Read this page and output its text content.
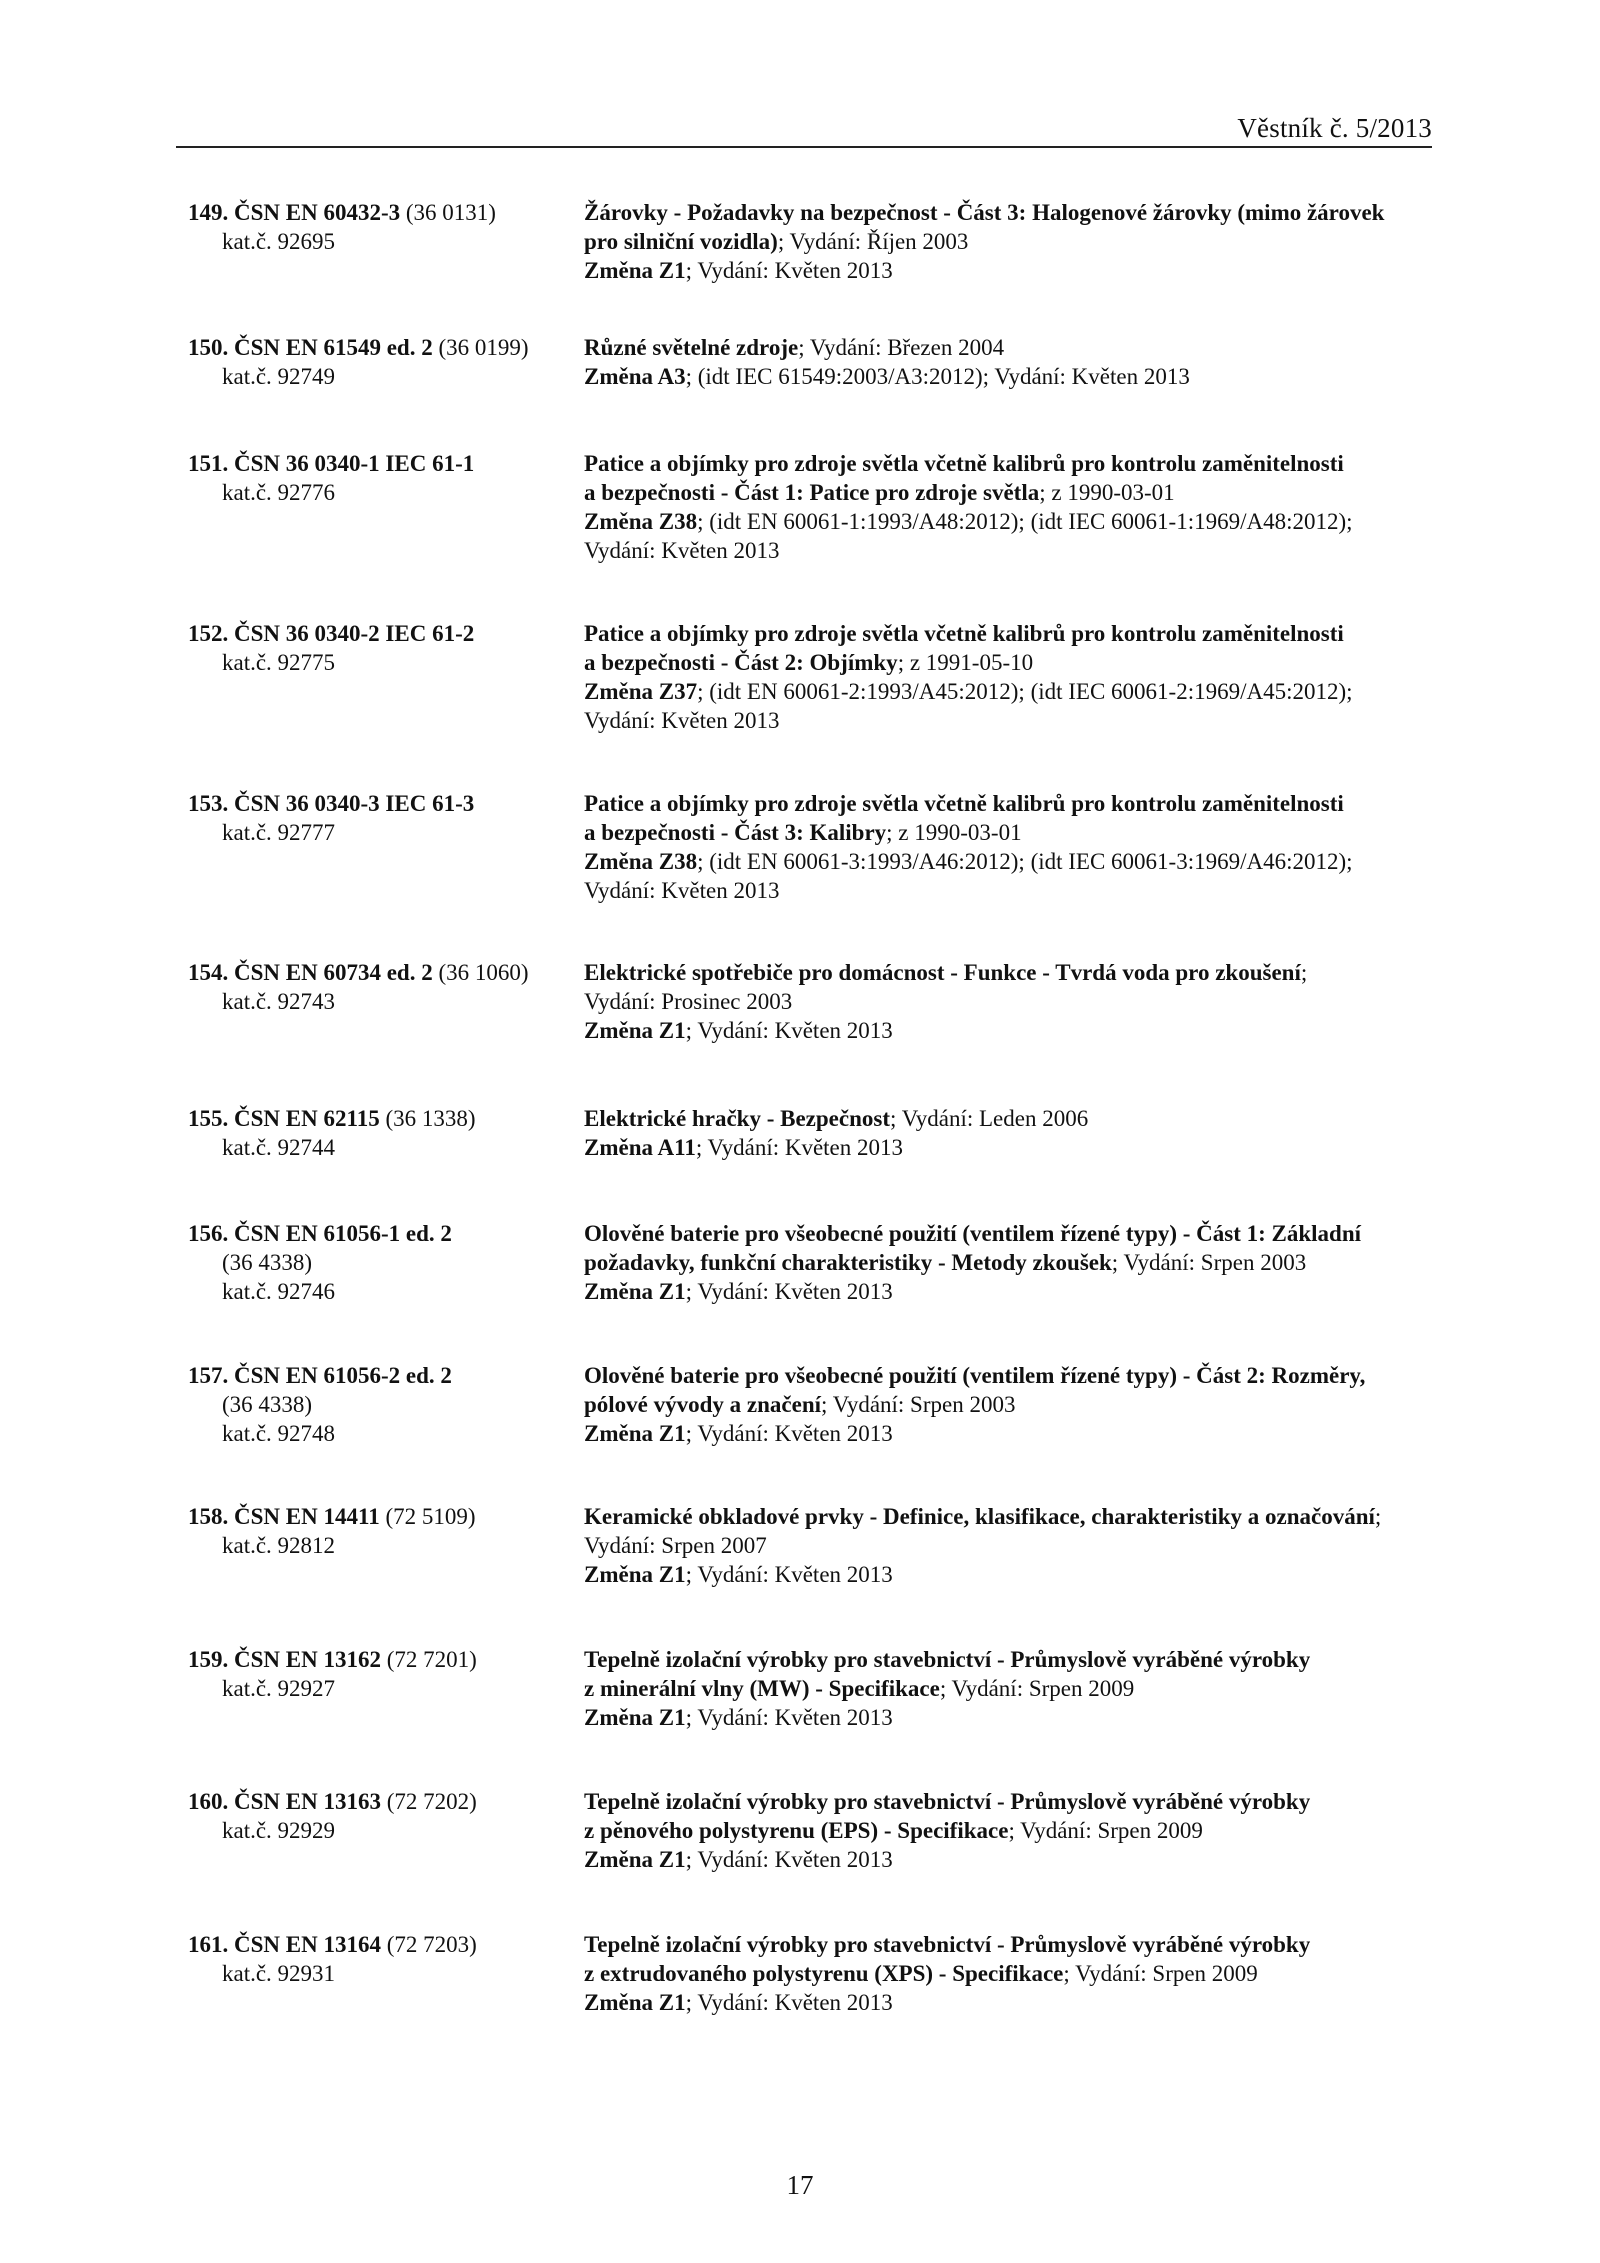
Věstník č. 5/2013
149. ČSN EN 60432-3 (36 0131)
kat.č. 92695
Žárovky - Požadavky na bezpečnost - Část 3: Halogenové žárovky (mimo žárovek
pro silniční vozidla); Vydání: Říjen 2003
Změna Z1; Vydání: Květen 2013
150. ČSN EN 61549 ed. 2 (36 0199)
kat.č. 92749
Různé světelné zdroje; Vydání: Březen 2004
Změna A3; (idt IEC 61549:2003/A3:2012); Vydání: Květen 2013
151. ČSN 36 0340-1 IEC 61-1
kat.č. 92776
Patice a objímky pro zdroje světla včetně kalibrů pro kontrolu zaměnitelnosti
a bezpečnosti - Část 1: Patice pro zdroje světla; z 1990-03-01
Změna Z38; (idt EN 60061-1:1993/A48:2012); (idt IEC 60061-1:1969/A48:2012);
Vydání: Květen 2013
152. ČSN 36 0340-2 IEC 61-2
kat.č. 92775
Patice a objímky pro zdroje světla včetně kalibrů pro kontrolu zaměnitelnosti
a bezpečnosti - Část 2: Objímky; z 1991-05-10
Změna Z37; (idt EN 60061-2:1993/A45:2012); (idt IEC 60061-2:1969/A45:2012);
Vydání: Květen 2013
153. ČSN 36 0340-3 IEC 61-3
kat.č. 92777
Patice a objímky pro zdroje světla včetně kalibrů pro kontrolu zaměnitelnosti
a bezpečnosti - Část 3: Kalibry; z 1990-03-01
Změna Z38; (idt EN 60061-3:1993/A46:2012); (idt IEC 60061-3:1969/A46:2012);
Vydání: Květen 2013
154. ČSN EN 60734 ed. 2 (36 1060)
kat.č. 92743
Elektrické spotřebiče pro domácnost - Funkce - Tvrdá voda pro zkoušení;
Vydání: Prosinec 2003
Změna Z1; Vydání: Květen 2013
155. ČSN EN 62115 (36 1338)
kat.č. 92744
Elektrické hračky - Bezpečnost; Vydání: Leden 2006
Změna A11; Vydání: Květen 2013
156. ČSN EN 61056-1 ed. 2
(36 4338)
kat.č. 92746
Olověné baterie pro všeobecné použití (ventilem řízené typy) - Část 1: Základní
požadavky, funkční charakteristiky - Metody zkoušek; Vydání: Srpen 2003
Změna Z1; Vydání: Květen 2013
157. ČSN EN 61056-2 ed. 2
(36 4338)
kat.č. 92748
Olověné baterie pro všeobecné použití (ventilem řízené typy) - Část 2: Rozměry,
pólové vývody a značení; Vydání: Srpen 2003
Změna Z1; Vydání: Květen 2013
158. ČSN EN 14411 (72 5109)
kat.č. 92812
Keramické obkladové prvky - Definice, klasifikace, charakteristiky a označování;
Vydání: Srpen 2007
Změna Z1; Vydání: Květen 2013
159. ČSN EN 13162 (72 7201)
kat.č. 92927
Tepelně izolační výrobky pro stavebnictví - Průmyslově vyráběné výrobky
z minerální vlny (MW) - Specifikace; Vydání: Srpen 2009
Změna Z1; Vydání: Květen 2013
160. ČSN EN 13163 (72 7202)
kat.č. 92929
Tepelně izolační výrobky pro stavebnictví - Průmyslově vyráběné výrobky
z pěnového polystyrenu (EPS) - Specifikace; Vydání: Srpen 2009
Změna Z1; Vydání: Květen 2013
161. ČSN EN 13164 (72 7203)
kat.č. 92931
Tepelně izolační výrobky pro stavebnictví - Průmyslově vyráběné výrobky
z extrudovaného polystyrenu (XPS) - Specifikace; Vydání: Srpen 2009
Změna Z1; Vydání: Květen 2013
17
